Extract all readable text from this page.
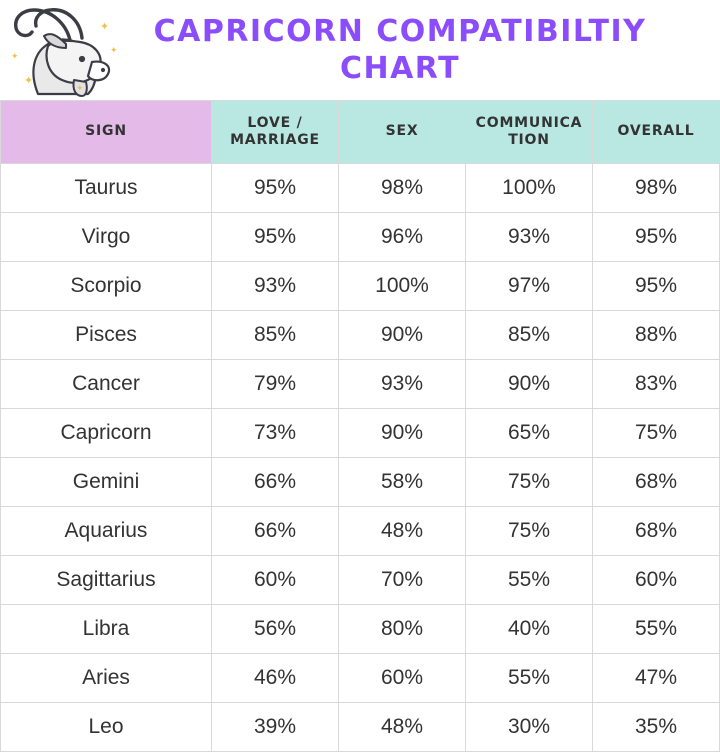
✦
✦
✦
✦
✦
CAPRICORN COMPATIBILTIY CHART
SIGN	LOVE / MARRIAGE	SEX	COMMUNICA TION	OVERALL
Taurus	95%	98%	100%	98%
Virgo	95%	96%	93%	95%
Scorpio	93%	100%	97%	95%
Pisces	85%	90%	85%	88%
Cancer	79%	93%	90%	83%
Capricorn	73%	90%	65%	75%
Gemini	66%	58%	75%	68%
Aquarius	66%	48%	75%	68%
Sagittarius	60%	70%	55%	60%
Libra	56%	80%	40%	55%
Aries	46%	60%	55%	47%
Leo	39%	48%	30%	35%
